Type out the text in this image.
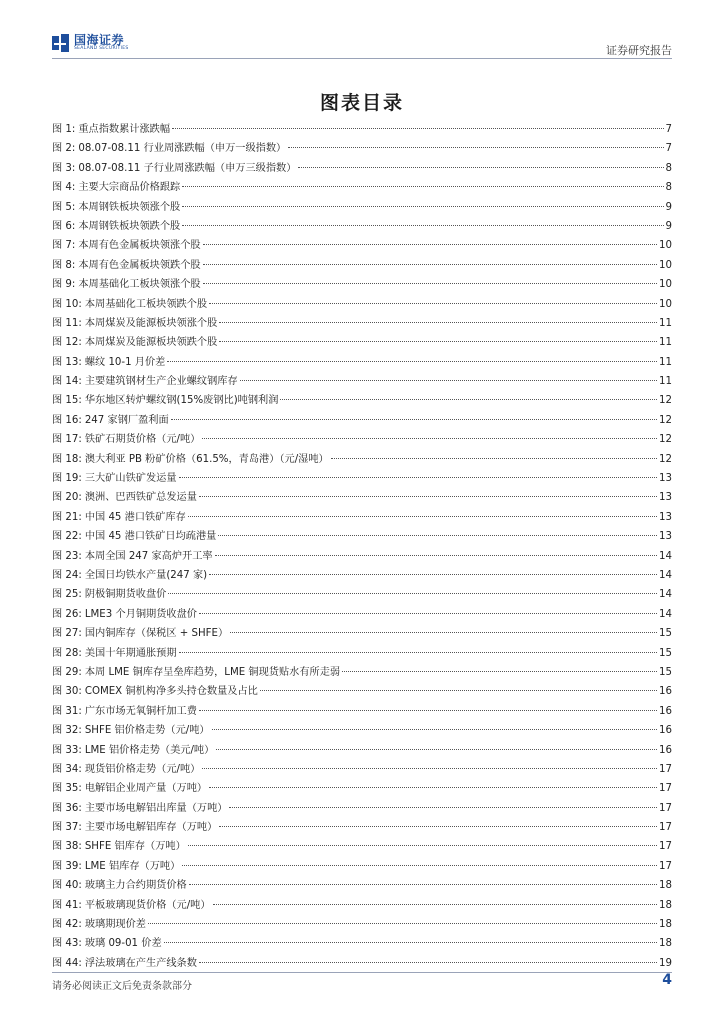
国海证券
SEALAND SECURITIES	证券研究报告
图表目录
图 1: 重点指数累计涨跌幅	7
图 2: 08.07-08.11 行业周涨跌幅（申万一级指数）	7
图 3: 08.07-08.11 子行业周涨跌幅（申万三级指数）	8
图 4: 主要大宗商品价格跟踪	8
图 5: 本周钢铁板块领涨个股	9
图 6: 本周钢铁板块领跌个股	9
图 7: 本周有色金属板块领涨个股	10
图 8: 本周有色金属板块领跌个股	10
图 9: 本周基础化工板块领涨个股	10
图 10: 本周基础化工板块领跌个股	10
图 11: 本周煤炭及能源板块领涨个股	11
图 12: 本周煤炭及能源板块领跌个股	11
图 13: 螺纹 10-1 月价差	11
图 14: 主要建筑钢材生产企业螺纹钢库存	11
图 15: 华东地区转炉螺纹钢(15%废钢比)吨钢利润	12
图 16: 247 家钢厂盈利面	12
图 17: 铁矿石期货价格（元/吨）	12
图 18: 澳大利亚 PB 粉矿价格（61.5%，青岛港）（元/湿吨）	12
图 19: 三大矿山铁矿发运量	13
图 20: 澳洲、巴西铁矿总发运量	13
图 21: 中国 45 港口铁矿库存	13
图 22: 中国 45 港口铁矿日均疏港量	13
图 23: 本周全国 247 家高炉开工率	14
图 24: 全国日均铁水产量(247 家)	14
图 25: 阴极铜期货收盘价	14
图 26: LME3 个月铜期货收盘价	14
图 27: 国内铜库存（保税区 + SHFE）	15
图 28: 美国十年期通胀预期	15
图 29: 本周 LME 铜库存呈垒库趋势，LME 铜现货贴水有所走弱	15
图 30: COMEX 铜机构净多头持仓数量及占比	16
图 31: 广东市场无氧铜杆加工费	16
图 32: SHFE 铝价格走势（元/吨）	16
图 33: LME 铝价格走势（美元/吨）	16
图 34: 现货铝价格走势（元/吨）	17
图 35: 电解铝企业周产量（万吨）	17
图 36: 主要市场电解铝出库量（万吨）	17
图 37: 主要市场电解铝库存（万吨）	17
图 38: SHFE 铝库存（万吨）	17
图 39: LME 铝库存（万吨）	17
图 40: 玻璃主力合约期货价格	18
图 41: 平板玻璃现货价格（元/吨）	18
图 42: 玻璃期现价差	18
图 43: 玻璃 09-01 价差	18
图 44: 浮法玻璃在产生产线条数	19
请务必阅读正文后免责条款部分	4
